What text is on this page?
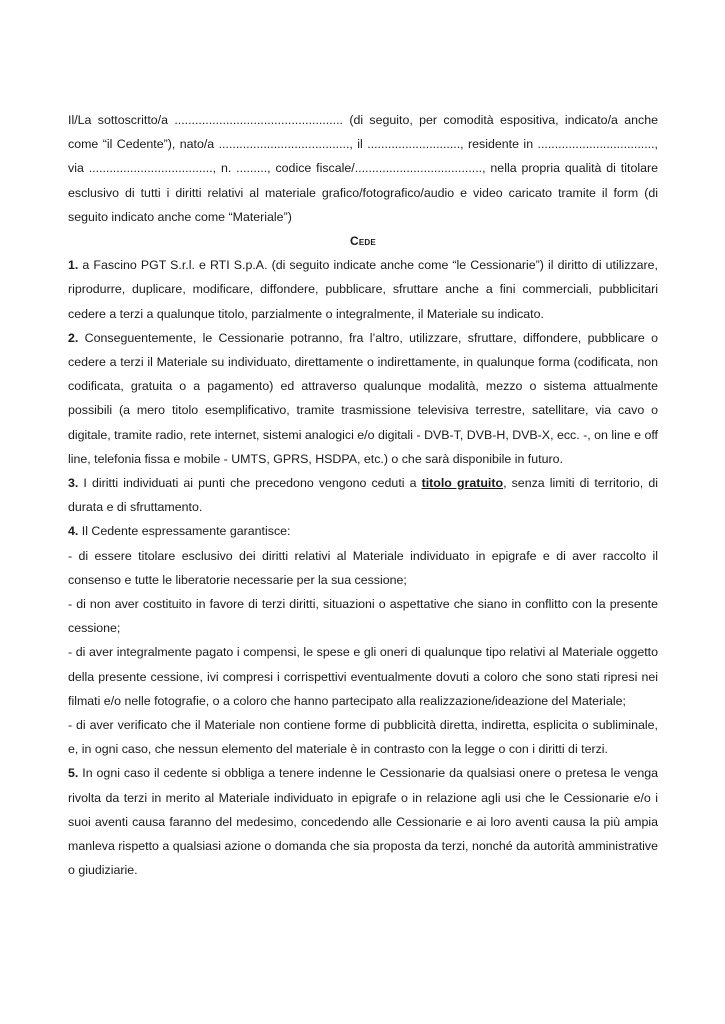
Il/La sottoscritto/a ................................................. (di seguito, per comodità espositiva, indicato/a anche come “il Cedente”), nato/a ......................................, il ..........................., residente in .................................., via ...................................., n. ........., codice fiscale/....................................., nella propria qualità di titolare esclusivo di tutti i diritti relativi al materiale grafico/fotografico/audio e video caricato tramite il form (di seguito indicato anche come “Materiale”)

Cede

1. a Fascino PGT S.r.l. e RTI S.p.A. (di seguito indicate anche come “le Cessionarie”) il diritto di utilizzare, riprodurre, duplicare, modificare, diffondere, pubblicare, sfruttare anche a fini commerciali, pubblicitari cedere a terzi a qualunque titolo, parzialmente o integralmente, il Materiale su indicato.

2. Conseguentemente, le Cessionarie potranno, fra l’altro, utilizzare, sfruttare, diffondere, pubblicare o cedere a terzi il Materiale su individuato, direttamente o indirettamente, in qualunque forma (codificata, non codificata, gratuita o a pagamento) ed attraverso qualunque modalità, mezzo o sistema attualmente possibili (a mero titolo esemplificativo, tramite trasmissione televisiva terrestre, satellitare, via cavo o digitale, tramite radio, rete internet, sistemi analogici e/o digitali - DVB-T, DVB-H, DVB-X, ecc. -, on line e off line, telefonia fissa e mobile - UMTS, GPRS, HSDPA, etc.) o che sarà disponibile in futuro.

3. I diritti individuati ai punti che precedono vengono ceduti a titolo gratuito, senza limiti di territorio, di durata e di sfruttamento.

4. Il Cedente espressamente garantisce:

- di essere titolare esclusivo dei diritti relativi al Materiale individuato in epigrafe e di aver raccolto il consenso e tutte le liberatorie necessarie per la sua cessione;

- di non aver costituito in favore di terzi diritti, situazioni o aspettative che siano in conflitto con la presente cessione;

- di aver integralmente pagato i compensi, le spese e gli oneri di qualunque tipo relativi al Materiale oggetto della presente cessione, ivi compresi i corrispettivi eventualmente dovuti a coloro che sono stati ripresi nei filmati e/o nelle fotografie, o a coloro che hanno partecipato alla realizzazione/ideazione del Materiale;

- di aver verificato che il Materiale non contiene forme di pubblicità diretta, indiretta, esplicita o subliminale, e, in ogni caso, che nessun elemento del materiale è in contrasto con la legge o con i diritti di terzi.

5. In ogni caso il cedente si obbliga a tenere indenne le Cessionarie da qualsiasi onere o pretesa le venga rivolta da terzi in merito al Materiale individuato in epigrafe o in relazione agli usi che le Cessionarie e/o i suoi aventi causa faranno del medesimo, concedendo alle Cessionarie e ai loro aventi causa la più ampia manleva rispetto a qualsiasi azione o domanda che sia proposta da terzi, nonché da autorità amministrative o giudiziarie.
